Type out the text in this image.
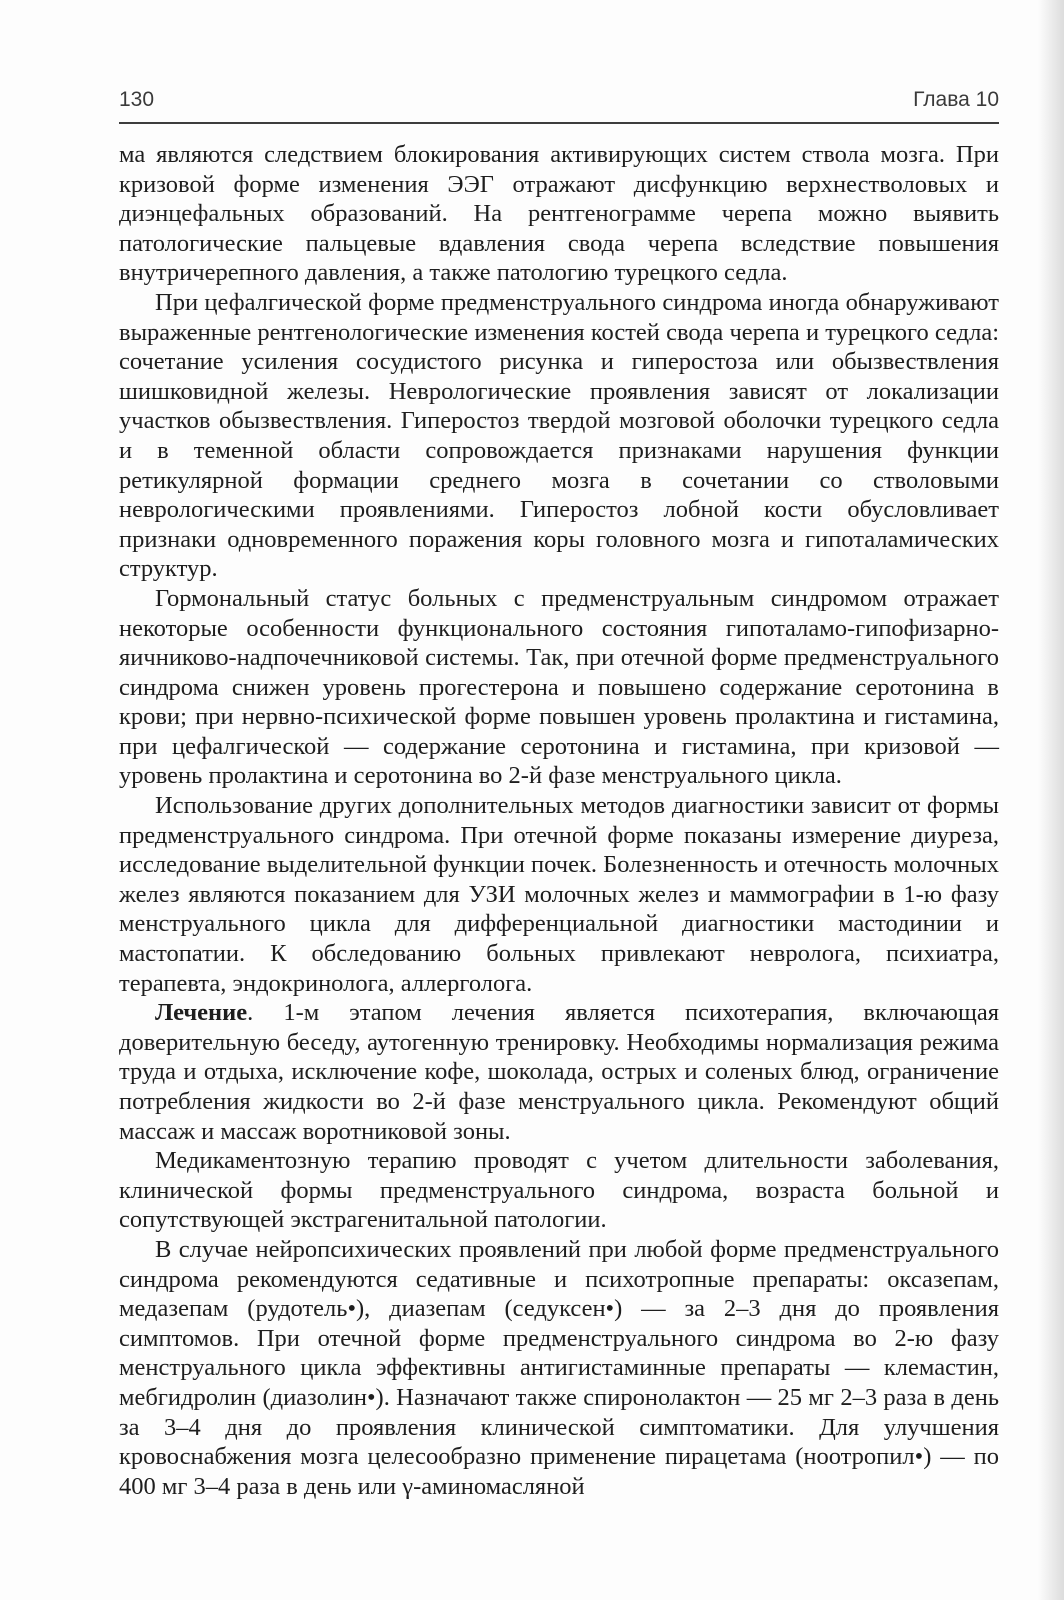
130	Глава 10

ма являются следствием блокирования активирующих систем ствола мозга. При кризовой форме изменения ЭЭГ отражают дисфункцию верхнестволовых и диэнцефальных образований. На рентгенограмме черепа можно выявить патологические пальцевые вдавления свода черепа вследствие повышения внутричерепного давления, а также патологию турецкого седла.

При цефалгической форме предменструального синдрома иногда обнаруживают выраженные рентгенологические изменения костей свода черепа и турецкого седла: сочетание усиления сосудистого рисунка и гиперостоза или обызвествления шишковидной железы. Неврологические проявления зависят от локализации участков обызвествления. Гиперостоз твердой мозговой оболочки турецкого седла и в теменной области сопровождается признаками нарушения функции ретикулярной формации среднего мозга в сочетании со стволовыми неврологическими проявлениями. Гиперостоз лобной кости обусловливает признаки одновременного поражения коры головного мозга и гипоталамических структур.

Гормональный статус больных с предменструальным синдромом отражает некоторые особенности функционального состояния гипоталамо-гипофизарно-яичниково-надпочечниковой системы. Так, при отечной форме предменструального синдрома снижен уровень прогестерона и повышено содержание серотонина в крови; при нервно-психической форме повышен уровень пролактина и гистамина, при цефалгической — содержание серотонина и гистамина, при кризовой — уровень пролактина и серотонина во 2-й фазе менструального цикла.

Использование других дополнительных методов диагностики зависит от формы предменструального синдрома. При отечной форме показаны измерение диуреза, исследование выделительной функции почек. Болезненность и отечность молочных желез являются показанием для УЗИ молочных желез и маммографии в 1-ю фазу менструального цикла для дифференциальной диагностики мастодинии и мастопатии. К обследованию больных привлекают невролога, психиатра, терапевта, эндокринолога, аллерголога.

Лечение. 1-м этапом лечения является психотерапия, включающая доверительную беседу, аутогенную тренировку. Необходимы нормализация режима труда и отдыха, исключение кофе, шоколада, острых и соленых блюд, ограничение потребления жидкости во 2-й фазе менструального цикла. Рекомендуют общий массаж и массаж воротниковой зоны.

Медикаментозную терапию проводят с учетом длительности заболевания, клинической формы предменструального синдрома, возраста больной и сопутствующей экстрагенитальной патологии.

В случае нейропсихических проявлений при любой форме предменструального синдрома рекомендуются седативные и психотропные препараты: оксазепам, медазепам (рудотель•), диазепам (седуксен•) — за 2–3 дня до проявления симптомов. При отечной форме предменструального синдрома во 2-ю фазу менструального цикла эффективны антигистаминные препараты — клемастин, мебгидролин (диазолин•). Назначают также спиронолактон — 25 мг 2–3 раза в день за 3–4 дня до проявления клинической симптоматики. Для улучшения кровоснабжения мозга целесообразно применение пирацетама (ноотропил•) — по 400 мг 3–4 раза в день или γ-аминомасляной
